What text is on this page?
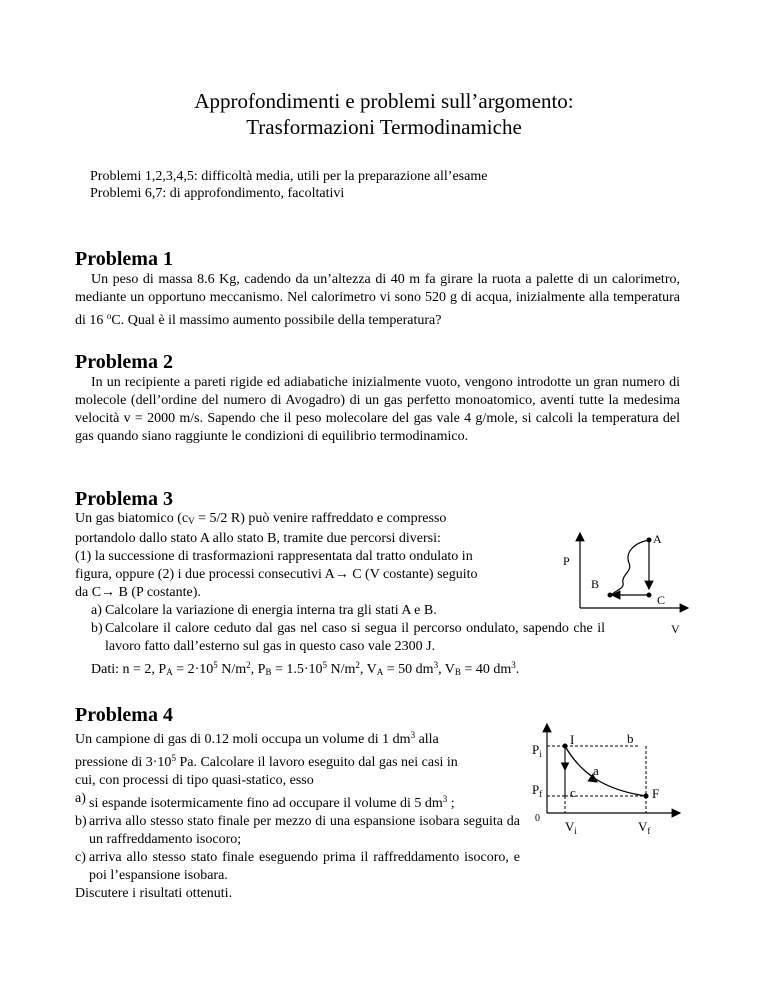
Approfondimenti e problemi sull’argomento:
Trasformazioni Termodinamiche
Problemi 1,2,3,4,5: difficoltà media, utili per la preparazione all’esame
Problemi 6,7: di approfondimento, facoltativi
Problema 1

Un peso di massa 8.6 Kg, cadendo da un’altezza di 40 m fa girare la ruota a palette di un calorimetro, mediante un opportuno meccanismo. Nel calorimetro vi sono 520 g di acqua, inizialmente alla temperatura di 16 $^o$C. Qual è il massimo aumento possibile della temperatura?

Problema 2

In un recipiente a pareti rigide ed adiabatiche inizialmente vuoto, vengono introdotte un gran numero di molecole (dell’ordine del numero di Avogadro) di un gas perfetto monoatomico, aventi tutte la medesima velocità v = 2000 m/s. Sapendo che il peso molecolare del gas vale 4 g/mole, si calcoli la temperatura del gas quando siano raggiunte le condizioni di equilibrio termodinamico.

Problema 3
Un gas biatomico ($c_V = 5/2$ R) può venire raffreddato e compresso
portandolo dallo stato A allo stato B, tramite due percorsi diversi:
(1) la successione di trasformazioni rappresentata dal tratto ondulato in
figura, oppure (2) i due processi consecutivi A→ C (V costante) seguito
da C→ B (P costante).
a) Calcolare la variazione di energia interna tra gli stati A e B.
b) Calcolare il calore ceduto dal gas nel caso si segua il percorso ondulato, sapendo che il lavoro fatto dall’esterno sul gas in questo caso vale 2300 J.
Dati: n = 2, $P_A = 2\cdot 10^5$ $N/m^2$, $P_B = 1.5\cdot 10^5$ $N/m^2$, $V_A = 50$ $dm^3$, $V_B = 40$ $dm^3$.
P
V
A
B
C
Problema 4
Un campione di gas di 0.12 moli occupa un volume di 1 $dm^3$ alla
pressione di $3\cdot 10^5$ Pa. Calcolare il lavoro eseguito dal gas nei casi in
cui, con processi di tipo quasi-statico, esso
a) si espande isotermicamente fino ad occupare il volume di 5 $dm^3$ ;
b) arriva allo stesso stato finale per mezzo di una espansione isobara seguita da un raffreddamento isocoro;
c) arriva allo stesso stato finale eseguendo prima il raffreddamento isocoro, e poi l’espansione isobara.
Discutere i risultati ottenuti.
$P_i$
$P_f$
0
$V_i$	$V_f$
I
F
a
b
c
